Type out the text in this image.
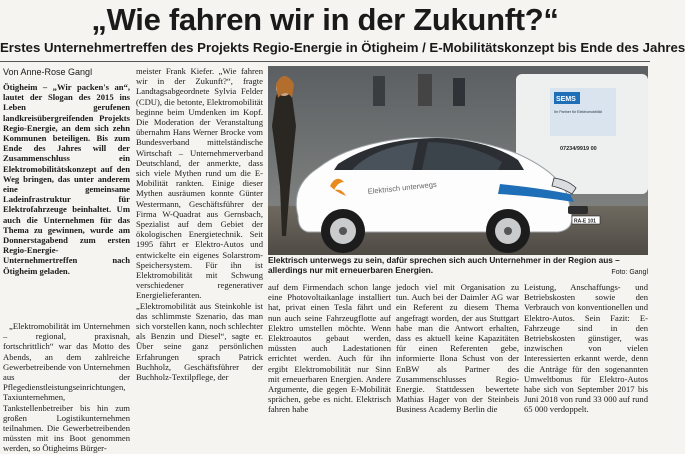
„Wie fahren wir in der Zukunft?“
Erstes Unternehmertreffen des Projekts Regio-Energie in Ötigheim / E-Mobilitätskonzept bis Ende des Jahres
Von Anne-Rose Gangl

Ötigheim – „Wir packen's an“, lautet der Slogan des 2015 ins Leben gerufenen landkreisübergreifenden Projekts Regio-Energie, an dem sich zehn Kommunen beteiligen. Bis zum Ende des Jahres will der Zusammenschluss ein Elektromobilitätskonzept auf den Weg bringen, das unter anderem eine gemeinsame Ladeinfrastruktur für Elektrofahrzeuge beinhaltet. Um auch die Unternehmen für das Thema zu gewinnen, wurde am Donnerstagabend zum ersten Regio-Energie-Unternehmertreffen nach Ötigheim geladen.

„Elektromobilität im Unternehmen – regional, praxisnah, fortschrittlich“ war das Motto des Abends, an dem zahlreiche Gewerbetreibende von Unternehmen aus der Pflegedienstleistungseinrichtungen, Taxiunternehmen, Tankstellenbetreiber bis hin zum großen Logistikunternehmen teilnahmen. Die Gewerbetreibenden müssten mit ins Boot genommen werden, so Ötigheims Bürger-

meister Frank Kiefer. „Wie fahren wir in der Zukunft?“, fragte Landtagsabgeordnete Sylvia Felder (CDU), die betonte, Elektromobilität beginne beim Umdenken im Kopf. Die Moderation der Veranstaltung übernahm Hans Werner Brocke vom Bundesverband mittelständische Wirtschaft – Unternehmerverband Deutschland, der anmerkte, dass sich viele Mythen rund um die E-Mobilität rankten. Einige dieser Mythen ausräumen konnte Günter Westermann, Geschäftsführer der Firma W-Quadrat aus Gernsbach, Spezialist auf dem Gebiet der ökologischen Energietechnik. Seit 1995 fährt er Elektro-Autos und entwickelte ein eigenes Solarstrom-Speichersystem. Für ihn ist Elektromobilität mit Schwung verschiedener regenerativer Energielieferanten. „Elektromobilität aus Steinkohle ist das schlimmste Szenario, das man sich vorstellen kann, noch schlechter als Benzin und Diesel“, sagte er. Über seine ganz persönlichen Erfahrungen sprach Patrick Buchholz, Geschäftsführer der Buchholz-Textilpflege, der

SEMS
Ihr Partner für Elektromobilität
07234/9919 00
RA-E 101
Elektrisch unterwegs
Elektrisch unterwegs zu sein, dafür sprechen sich auch Unternehmer in der Region aus – allerdings nur mit erneuerbaren Energien.	Foto: Gangl

auf dem Firmendach schon lange eine Photovoltaikanlage installiert hat, privat einen Tesla fährt und nun auch seine Fahrzeugflotte auf Elektro umstellen möchte. Wenn Elektroautos gebaut werden, müssten auch Ladestationen errichtet werden. Auch für ihn ergibt Elektromobilität nur Sinn mit erneuerbaren Energien. Andere Argumente, die gegen E-Mobilität sprächen, gebe es nicht. Elektrisch fahren habe

jedoch viel mit Organisation zu tun. Auch bei der Daimler AG war ein Referent zu diesem Thema angefragt worden, der aus Stuttgart habe man die Antwort erhalten, dass es aktuell keine Kapazitäten für einen Referenten gebe, informierte Ilona Schust von der EnBW als Partner des Zusammenschlusses Regio-Energie. Stattdessen bewertete Mathias Hager von der Steinbeis Business Academy Berlin die

Leistung, Anschaffungs- und Betriebskosten sowie den Verbrauch von konventionellen und Elektro-Autos. Sein Fazit: E-Fahrzeuge sind in den Betriebskosten günstiger, was inzwischen von vielen Interessierten erkannt werde, denn die Anträge für den sogenannten Umweltbonus für Elektro-Autos habe sich von September 2017 bis Juni 2018 von rund 33 000 auf rund 65 000 verdoppelt.
